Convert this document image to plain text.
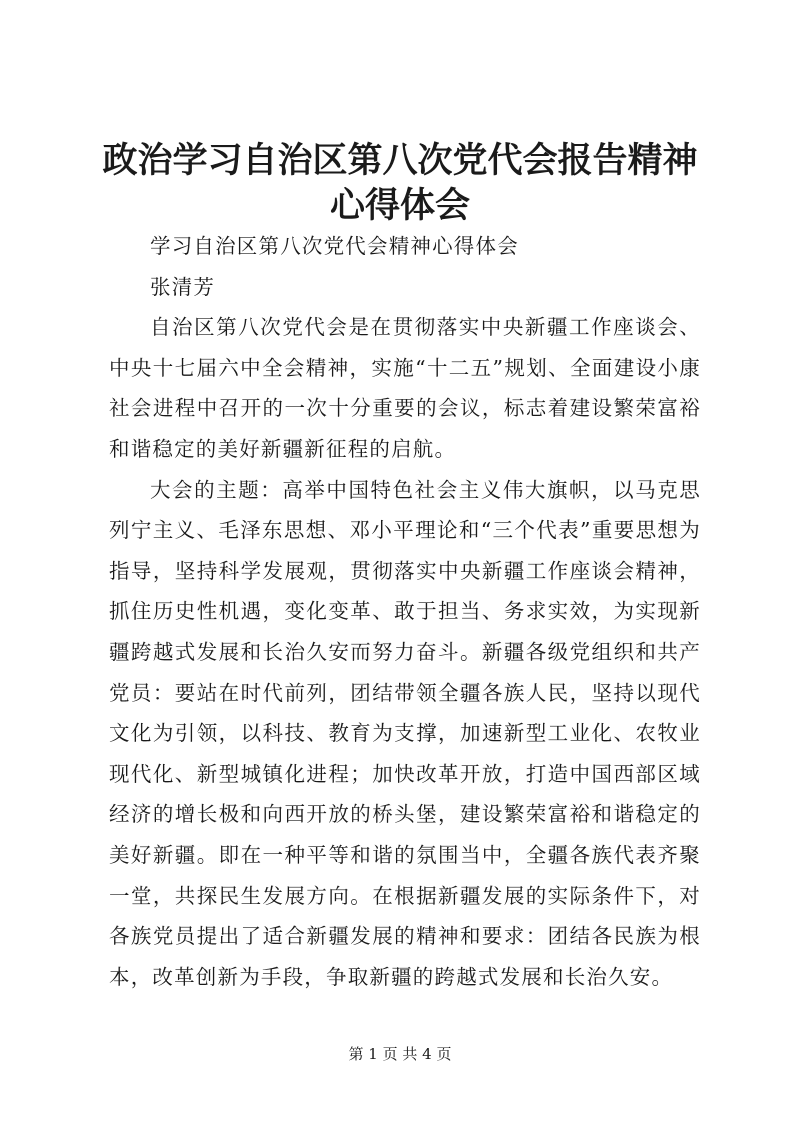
政治学习自治区第八次党代会报告精神心得体会

学习自治区第八次党代会精神心得体会

张清芳

自治区第八次党代会是在贯彻落实中央新疆工作座谈会、中央十七届六中全会精神，实施“十二五”规划、全面建设小康社会进程中召开的一次十分重要的会议，标志着建设繁荣富裕和谐稳定的美好新疆新征程的启航。

大会的主题：高举中国特色社会主义伟大旗帜，以马克思列宁主义、毛泽东思想、邓小平理论和“三个代表”重要思想为指导，坚持科学发展观，贯彻落实中央新疆工作座谈会精神，抓住历史性机遇，变化变革、敢于担当、务求实效，为实现新疆跨越式发展和长治久安而努力奋斗。新疆各级党组织和共产党员：要站在时代前列，团结带领全疆各族人民，坚持以现代文化为引领，以科技、教育为支撑，加速新型工业化、农牧业现代化、新型城镇化进程；加快改革开放，打造中国西部区域经济的增长极和向西开放的桥头堡，建设繁荣富裕和谐稳定的美好新疆。即在一种平等和谐的氛围当中，全疆各族代表齐聚一堂，共探民生发展方向。在根据新疆发展的实际条件下，对各族党员提出了适合新疆发展的精神和要求：团结各民族为根本，改革创新为手段，争取新疆的跨越式发展和长治久安。

第 1 页 共 4 页
